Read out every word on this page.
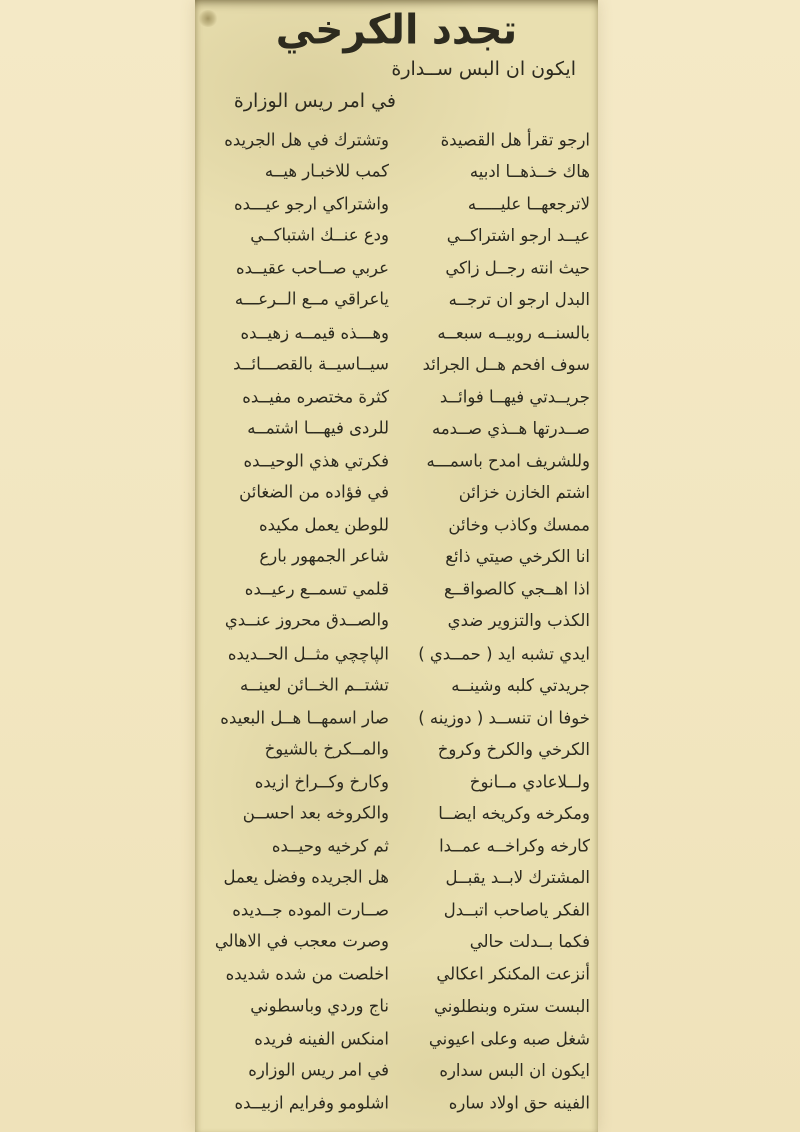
تجدد الكرخي
ايكون ان البس ســدارة
في امر ريس الوزارة
ارجو تقرأ هل القصيدة
وتشترك في هل الجريده
هاك خــذهــا ادبيه
كمب للاخبـار هيــه
لاترجعهــا عليـــــه
واشتراكي ارجو عيـــده
عيــد ارجو اشتراكــي
ودع عنــك اشتباكــي
حيث انته رجــل زاكي
عربي صــاحب عقيــده
البدل ارجو ان ترجــه
ياعراقي مــع الــرعـــه
بالسنــه روبيــه سبعــه
وهـــذه قيمــه زهيــده
سوف افحم هــل الجرائد
سيــاسيــة بالقصـــائــد
جريــدتي فيهــا فوائــد
كثرة مختصره مفيــده
صــدرتها هــذي صــدمه
للردى فيهـــا اشتمــه
وللشريف امدح باسمـــه
فكرتي هذي الوحيــده
اشتم الخازن خزائن
في فؤاده من الضغائن
ممسك وكاذب وخائن
للوطن يعمل مكيده
انا الكرخي صيتي ذائع
شاعر الجمهور بارع
اذا اهــجي كالصواقــع
قلمي تسمــع رعيــده
الكذب والتزوير ضدي
والصــدق محروز عنــدي
ايدي تشبه ايد ( حمــدي )
الپاچچي مثــل الحــديده
جريدتي كلبه وشينــه
تشتــم الخــائن لعينــه
خوفا ان تنســد ( دوزينه )
صار اسمهــا هــل البعيده
الكرخي والكرخ وكروخ
والمــكرخ بالشيوخ
ولــلاعادي مــانوخ
وكارخ وكــراخ ازيده
ومكرخه وكريخه ايضــا
والكروخه بعد احســن
كارخه وكراخــه عمــدا
ثم كرخيه وحيــده
المشترك لابــد يقبــل
هل الجريده وفضل يعمل
الفكر ياصاحب اتبــدل
صــارت الموده جــديده
فكما بــدلت حالي
وصرت معجب في الاهالي
أنزعت المكنكر اعكالي
اخلصت من شده شديده
البست ستره وبنطلوني
ناج وردي وباسطوني
شغل صبه وعلى اعيوني
امنكس الفينه فريده
ايكون ان البس سداره
في امر ريس الوزاره
الفينه حق اولاد ساره
اشلومو وفرايم ازبيــده
